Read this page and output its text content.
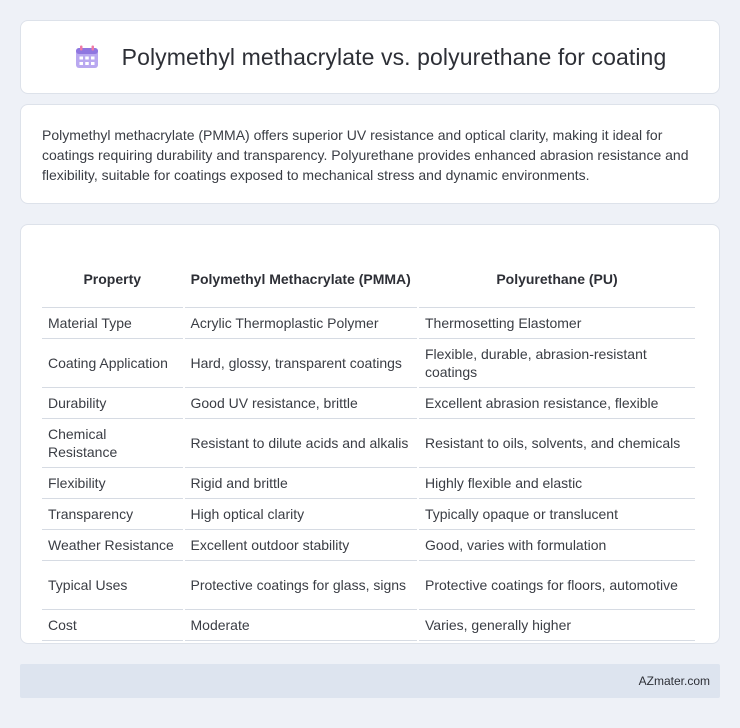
Polymethyl methacrylate vs. polyurethane for coating

Polymethyl methacrylate (PMMA) offers superior UV resistance and optical clarity, making it ideal for coatings requiring durability and transparency. Polyurethane provides enhanced abrasion resistance and flexibility, suitable for coatings exposed to mechanical stress and dynamic environments.

Property	Polymethyl Methacrylate (PMMA)	Polyurethane (PU)
Material Type	Acrylic Thermoplastic Polymer	Thermosetting Elastomer
Coating Application	Hard, glossy, transparent coatings	Flexible, durable, abrasion-resistant coatings
Durability	Good UV resistance, brittle	Excellent abrasion resistance, flexible
Chemical Resistance	Resistant to dilute acids and alkalis	Resistant to oils, solvents, and chemicals
Flexibility	Rigid and brittle	Highly flexible and elastic
Transparency	High optical clarity	Typically opaque or translucent
Weather Resistance	Excellent outdoor stability	Good, varies with formulation
Typical Uses	Protective coatings for glass, signs	Protective coatings for floors, automotive
Cost	Moderate	Varies, generally higher
AZmater.com
